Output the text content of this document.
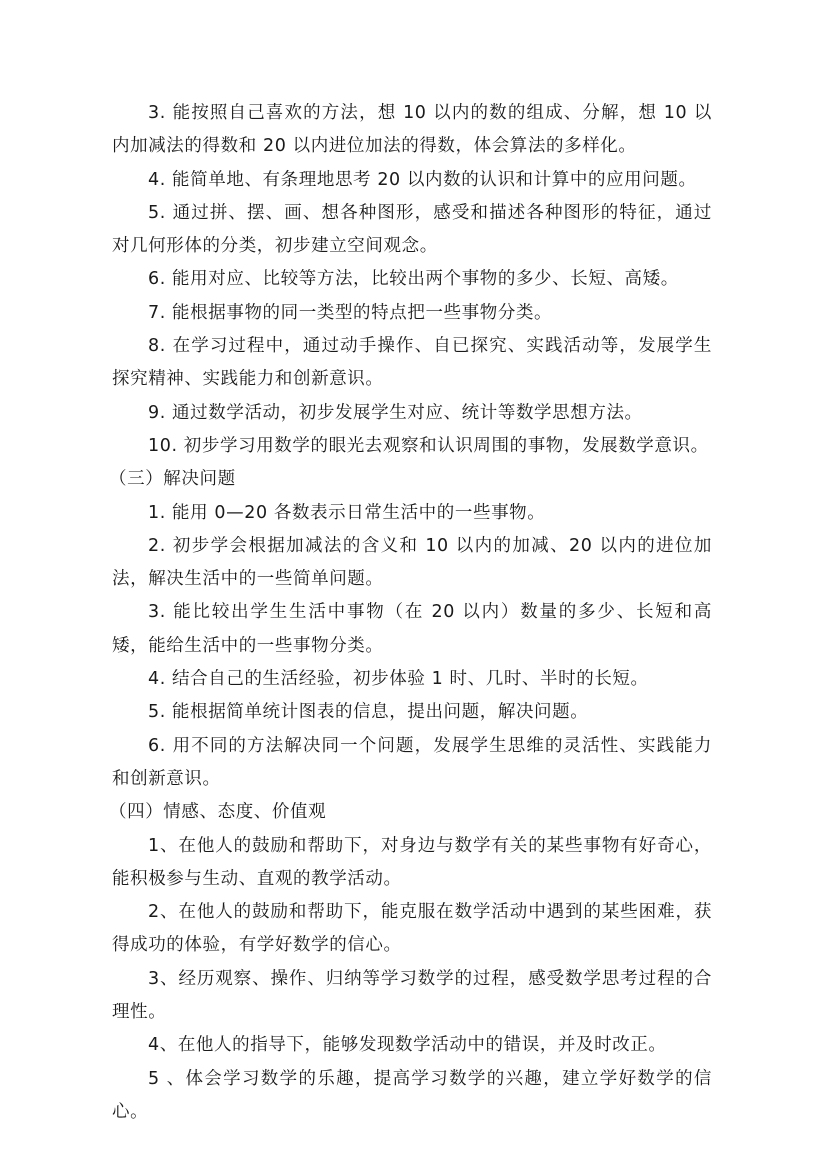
3. 能按照自己喜欢的方法，想 10 以内的数的组成、分解，想 10 以内加减法的得数和 20 以内进位加法的得数，体会算法的多样化。

4. 能简单地、有条理地思考 20 以内数的认识和计算中的应用问题。

5. 通过拼、摆、画、想各种图形，感受和描述各种图形的特征，通过对几何形体的分类，初步建立空间观念。

6. 能用对应、比较等方法，比较出两个事物的多少、长短、高矮。

7. 能根据事物的同一类型的特点把一些事物分类。

8. 在学习过程中，通过动手操作、自已探究、实践活动等，发展学生探究精神、实践能力和创新意识。

9. 通过数学活动，初步发展学生对应、统计等数学思想方法。

10. 初步学习用数学的眼光去观察和认识周围的事物，发展数学意识。

（三）解决问题

1. 能用 0—20 各数表示日常生活中的一些事物。

2. 初步学会根据加减法的含义和 10 以内的加减、20 以内的进位加法，解决生活中的一些简单问题。

3. 能比较出学生生活中事物（在 20 以内）数量的多少、长短和高矮，能给生活中的一些事物分类。

4. 结合自己的生活经验，初步体验 1 时、几时、半时的长短。

5. 能根据简单统计图表的信息，提出问题，解决问题。

6. 用不同的方法解决同一个问题，发展学生思维的灵活性、实践能力和创新意识。

（四）情感、态度、价值观

1、在他人的鼓励和帮助下，对身边与数学有关的某些事物有好奇心，能积极参与生动、直观的教学活动。

2、在他人的鼓励和帮助下，能克服在数学活动中遇到的某些困难，获得成功的体验，有学好数学的信心。

3、经历观察、操作、归纳等学习数学的过程，感受数学思考过程的合理性。

4、在他人的指导下，能够发现数学活动中的错误，并及时改正。

5 、体会学习数学的乐趣，提高学习数学的兴趣，建立学好数学的信心。
